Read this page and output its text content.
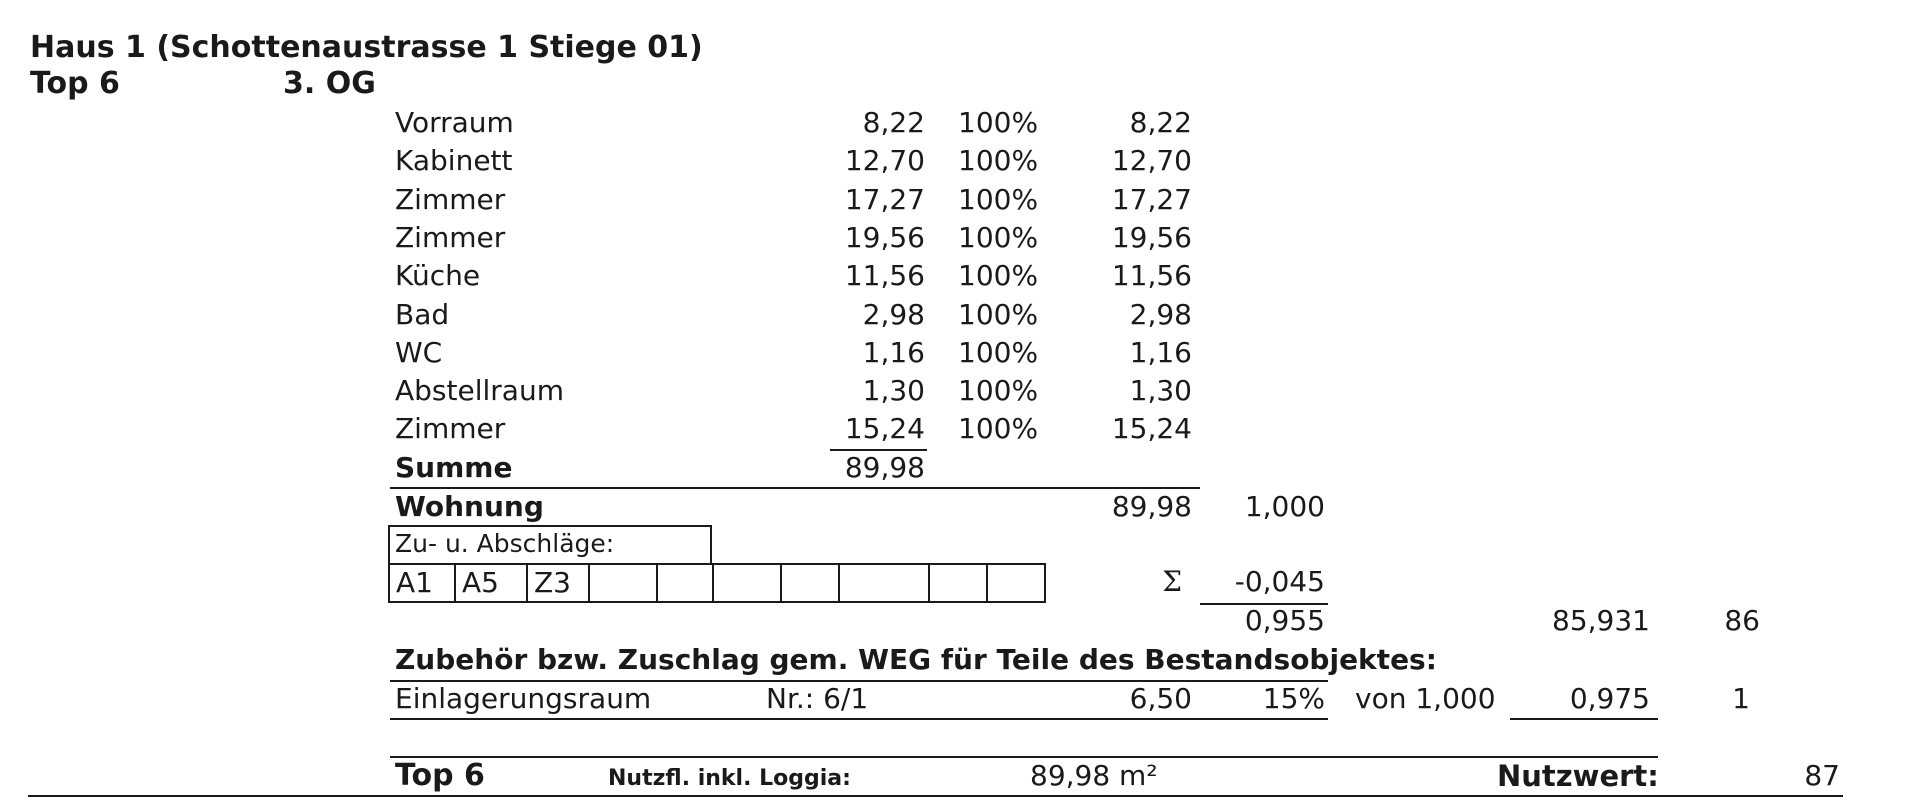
Haus 1 (Schottenaustrasse 1 Stiege 01)
Top 6	3. OG
Vorraum	8,22 100%	8,22
Kabinett	12,70 100%	12,70
Zimmer	17,27 100%	17,27
Zimmer	19,56 100%	19,56
Küche	11,56 100%	11,56
Bad	2,98 100%	2,98
WC	1,16 100%	1,16
Abstellraum	1,30 100%	1,30
Zimmer	15,24 100%	15,24
Summe	89,98
Wohnung	89,98	1,000
Zu- u. Abschläge:
A1 A5 Z3	Σ	-0,045
0,955	85,931	86
Zubehör bzw. Zuschlag gem. WEG für Teile des Bestandsobjektes:
Einlagerungsraum	Nr.: 6/1	6,50	15% von 1,000	0,975	1
Top 6	Nutzfl. inkl. Loggia:	89,98 m²	Nutzwert:	87
